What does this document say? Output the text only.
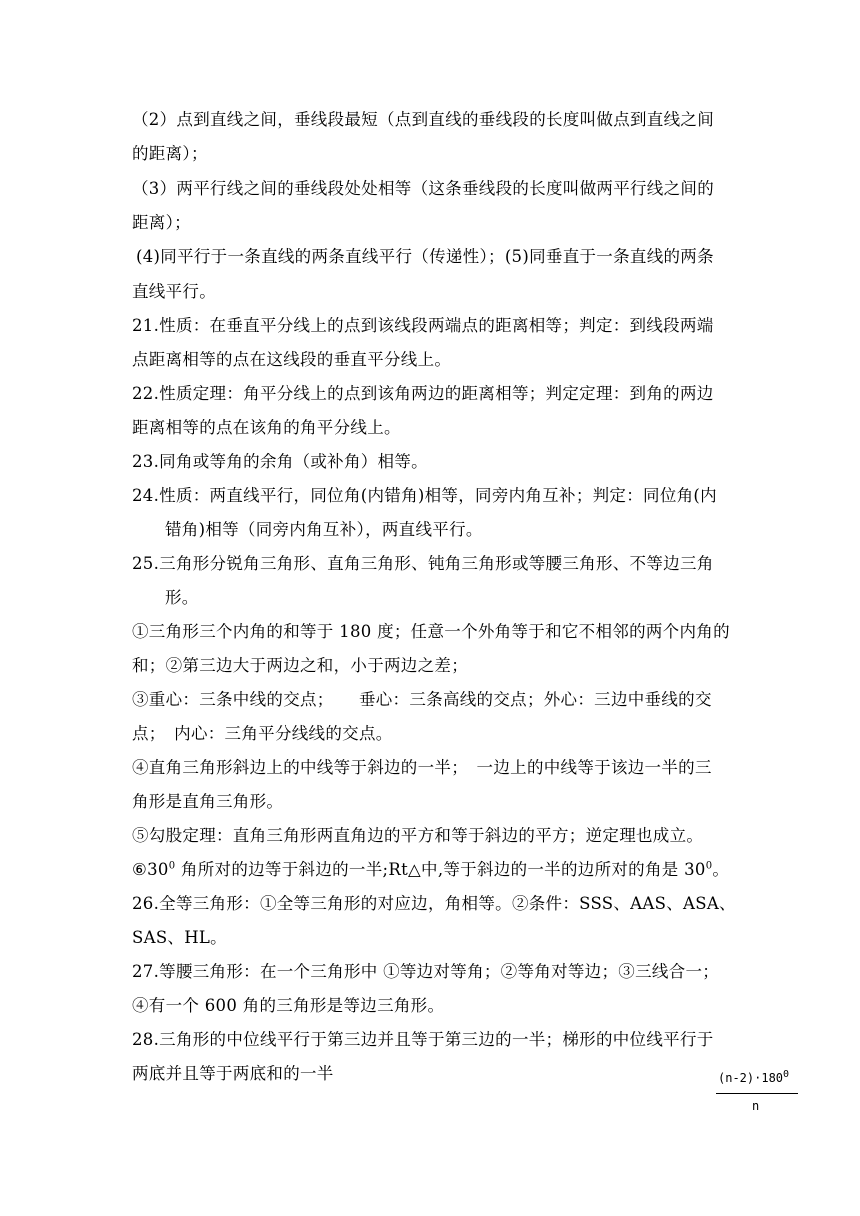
（2）点到直线之间，垂线段最短（点到直线的垂线段的长度叫做点到直线之间
的距离）；
（3）两平行线之间的垂线段处处相等（这条垂线段的长度叫做两平行线之间的
距离）；
(4)同平行于一条直线的两条直线平行（传递性）；(5)同垂直于一条直线的两条
直线平行。
21.性质：在垂直平分线上的点到该线段两端点的距离相等；判定：到线段两端
点距离相等的点在这线段的垂直平分线上。
22.性质定理：角平分线上的点到该角两边的距离相等；判定定理：到角的两边
距离相等的点在该角的角平分线上。
23.同角或等角的余角（或补角）相等。
24.性质：两直线平行，同位角(内错角)相等，同旁内角互补；判定：同位角(内
错角)相等（同旁内角互补），两直线平行。
25.三角形分锐角三角形、直角三角形、钝角三角形或等腰三角形、不等边三角
形。
①三角形三个内角的和等于 180 度；任意一个外角等于和它不相邻的两个内角的
和；②第三边大于两边之和，小于两边之差；
③重心：三条中线的交点；　　垂心：三条高线的交点；外心：三边中垂线的交
点；　内心：三角平分线线的交点。
④直角三角形斜边上的中线等于斜边的一半；　一边上的中线等于该边一半的三
角形是直角三角形。
⑤勾股定理：直角三角形两直角边的平方和等于斜边的平方；逆定理也成立。
$⑥30^0$ 角所对的边等于斜边的一半;Rt△中,等于斜边的一半的边所对的角是 $30^0$。
26.全等三角形：①全等三角形的对应边，角相等。②条件：SSS、AAS、ASA、
SAS、HL。
27.等腰三角形：在一个三角形中 ①等边对等角；②等角对等边；③三线合一；
④有一个 600 角的三角形是等边三角形。
28.三角形的中位线平行于第三边并且等于第三边的一半；梯形的中位线平行于
两底并且等于两底和的一半	$(n-2)\cdot 180^0$
n
